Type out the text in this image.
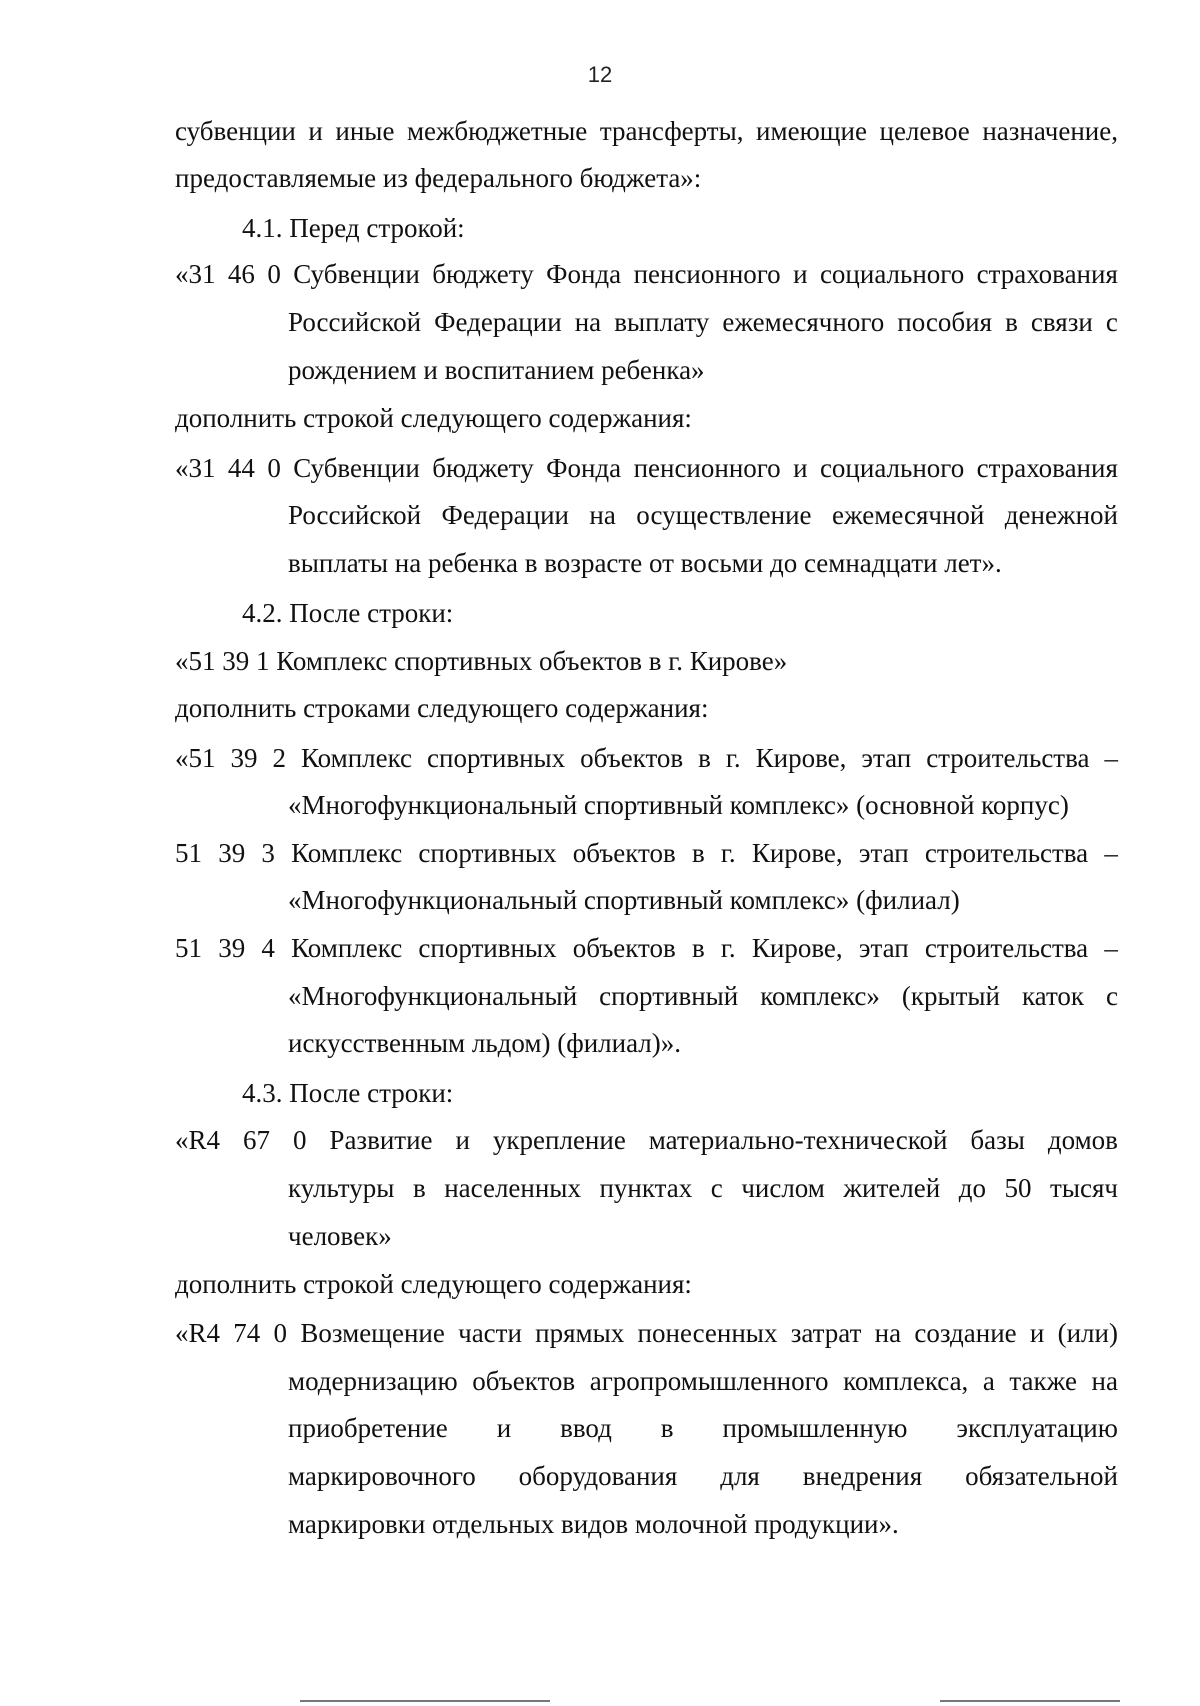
12
субвенции и иные межбюджетные трансферты, имеющие целевое назначение,
предоставляемые из федерального бюджета»:
4.1. Перед строкой:
«31 46 0 Субвенции бюджету Фонда пенсионного и социального страхования
Российской Федерации на выплату ежемесячного пособия в связи с
рождением и воспитанием ребенка»
дополнить строкой следующего содержания:
«31 44 0 Субвенции бюджету Фонда пенсионного и социального страхования
Российской Федерации на осуществление ежемесячной денежной
выплаты на ребенка в возрасте от восьми до семнадцати лет».
4.2. После строки:
«51 39 1 Комплекс спортивных объектов в г. Кирове»
дополнить строками следующего содержания:
«51 39 2 Комплекс спортивных объектов в г. Кирове, этап строительства –
«Многофункциональный спортивный комплекс» (основной корпус)
51 39 3 Комплекс спортивных объектов в г. Кирове, этап строительства –
«Многофункциональный спортивный комплекс» (филиал)
51 39 4 Комплекс спортивных объектов в г. Кирове, этап строительства –
«Многофункциональный спортивный комплекс» (крытый каток с
искусственным льдом) (филиал)».
4.3. После строки:
«R4 67 0 Развитие и укрепление материально-технической базы домов
культуры в населенных пунктах с числом жителей до 50 тысяч
человек»
дополнить строкой следующего содержания:
«R4 74 0 Возмещение части прямых понесенных затрат на создание и (или)
модернизацию объектов агропромышленного комплекса, а также на
приобретение и ввод в промышленную эксплуатацию
маркировочного оборудования для внедрения обязательной
маркировки отдельных видов молочной продукции».
